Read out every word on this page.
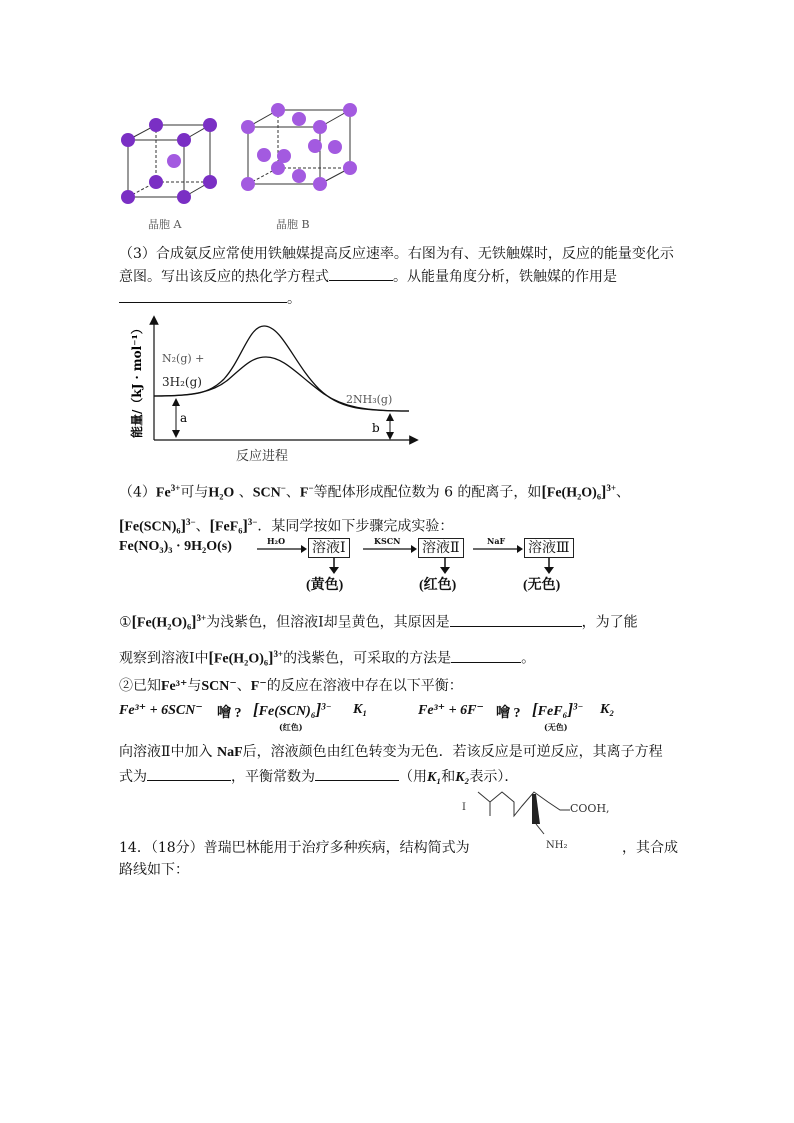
晶胞 A	晶胞 B
（3）合成氨反应常使用铁触媒提高反应速率。右图为有、无铁触媒时，反应的能量变化示
意图。写出该反应的热化学方程式	。从能量角度分析，铁触媒的作用是
。
a
b
N₂(g) +
3H₂(g)
2NH₃(g)
能量/（kJ · mol⁻¹）
反应进程
$(4)Fe^{3+}$可与H₂O 、SCN−、F−等配体形成配位数为 6 的配离子，如$[Fe(H_2O)_6]^{3+}$、
$[Fe(SCN)_6]^{3-}$、$[FeF_6]^{3-}$．某同学按如下步骤完成实验：
Fe(NO₃)₃ · 9H₂O(s)	H₂O 溶液Ⅰ	KSCN 溶液Ⅱ	NaF 溶液Ⅲ
(黄色)	(红色)	(无色)
$①[Fe(H_2O)_6]^{3+}$为浅紫色，但溶液Ⅰ却呈黄色，其原因是	，为了能
观察到溶液Ⅰ中$[Fe(H_2O)_6]^{3+}$的浅紫色，可采取的方法是	。
②已知Fe³⁺与SCN⁻、F⁻的反应在溶液中存在以下平衡：
Fe³⁺ + 6SCN⁻ 噲 ? $[Fe(SCN)_6]^{3-}$
(红色)
K₁	Fe³⁺ + 6F⁻ 噲 ? $[FeF_6]^{3-}$
(无色)
K₂
向溶液Ⅱ中加入 NaF后，溶液颜色由红色转变为无色．若该反应是可逆反应，其离子方程
式为	，平衡常数为	（用K₁和K₂表示）．
I	COOH ,
NH₂
14．（18分）普瑞巴林能用于治疗多种疾病，结构简式为	，其合成
路线如下：
